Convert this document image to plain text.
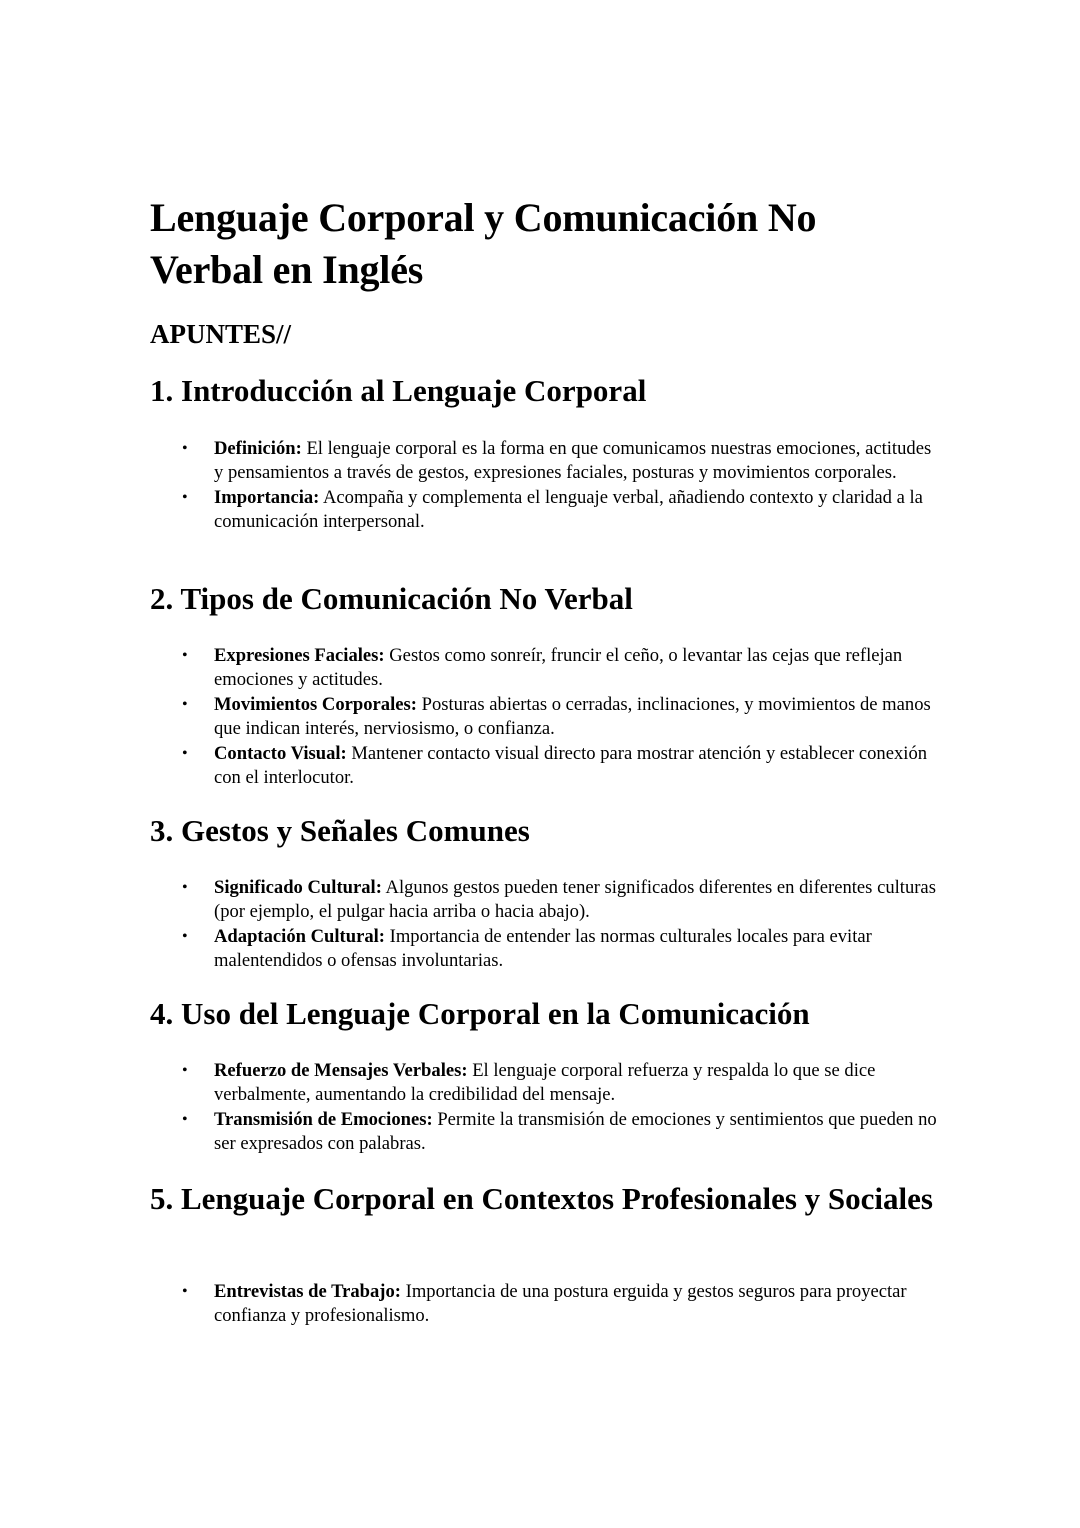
Lenguaje Corporal y Comunicación No Verbal en Inglés
APUNTES//
1. Introducción al Lenguaje Corporal
• Definición: El lenguaje corporal es la forma en que comunicamos nuestras emociones, actitudes y pensamientos a través de gestos, expresiones faciales, posturas y movimientos corporales.
• Importancia: Acompaña y complementa el lenguaje verbal, añadiendo contexto y claridad a la comunicación interpersonal.
2. Tipos de Comunicación No Verbal
• Expresiones Faciales: Gestos como sonreír, fruncir el ceño, o levantar las cejas que reflejan emociones y actitudes.
• Movimientos Corporales: Posturas abiertas o cerradas, inclinaciones, y movimientos de manos que indican interés, nerviosismo, o confianza.
• Contacto Visual: Mantener contacto visual directo para mostrar atención y establecer conexión con el interlocutor.
3. Gestos y Señales Comunes
• Significado Cultural: Algunos gestos pueden tener significados diferentes en diferentes culturas (por ejemplo, el pulgar hacia arriba o hacia abajo).
• Adaptación Cultural: Importancia de entender las normas culturales locales para evitar malentendidos o ofensas involuntarias.
4. Uso del Lenguaje Corporal en la Comunicación
• Refuerzo de Mensajes Verbales: El lenguaje corporal refuerza y respalda lo que se dice verbalmente, aumentando la credibilidad del mensaje.
• Transmisión de Emociones: Permite la transmisión de emociones y sentimientos que pueden no ser expresados con palabras.
5. Lenguaje Corporal en Contextos Profesionales y Sociales
• Entrevistas de Trabajo: Importancia de una postura erguida y gestos seguros para proyectar confianza y profesionalismo.
